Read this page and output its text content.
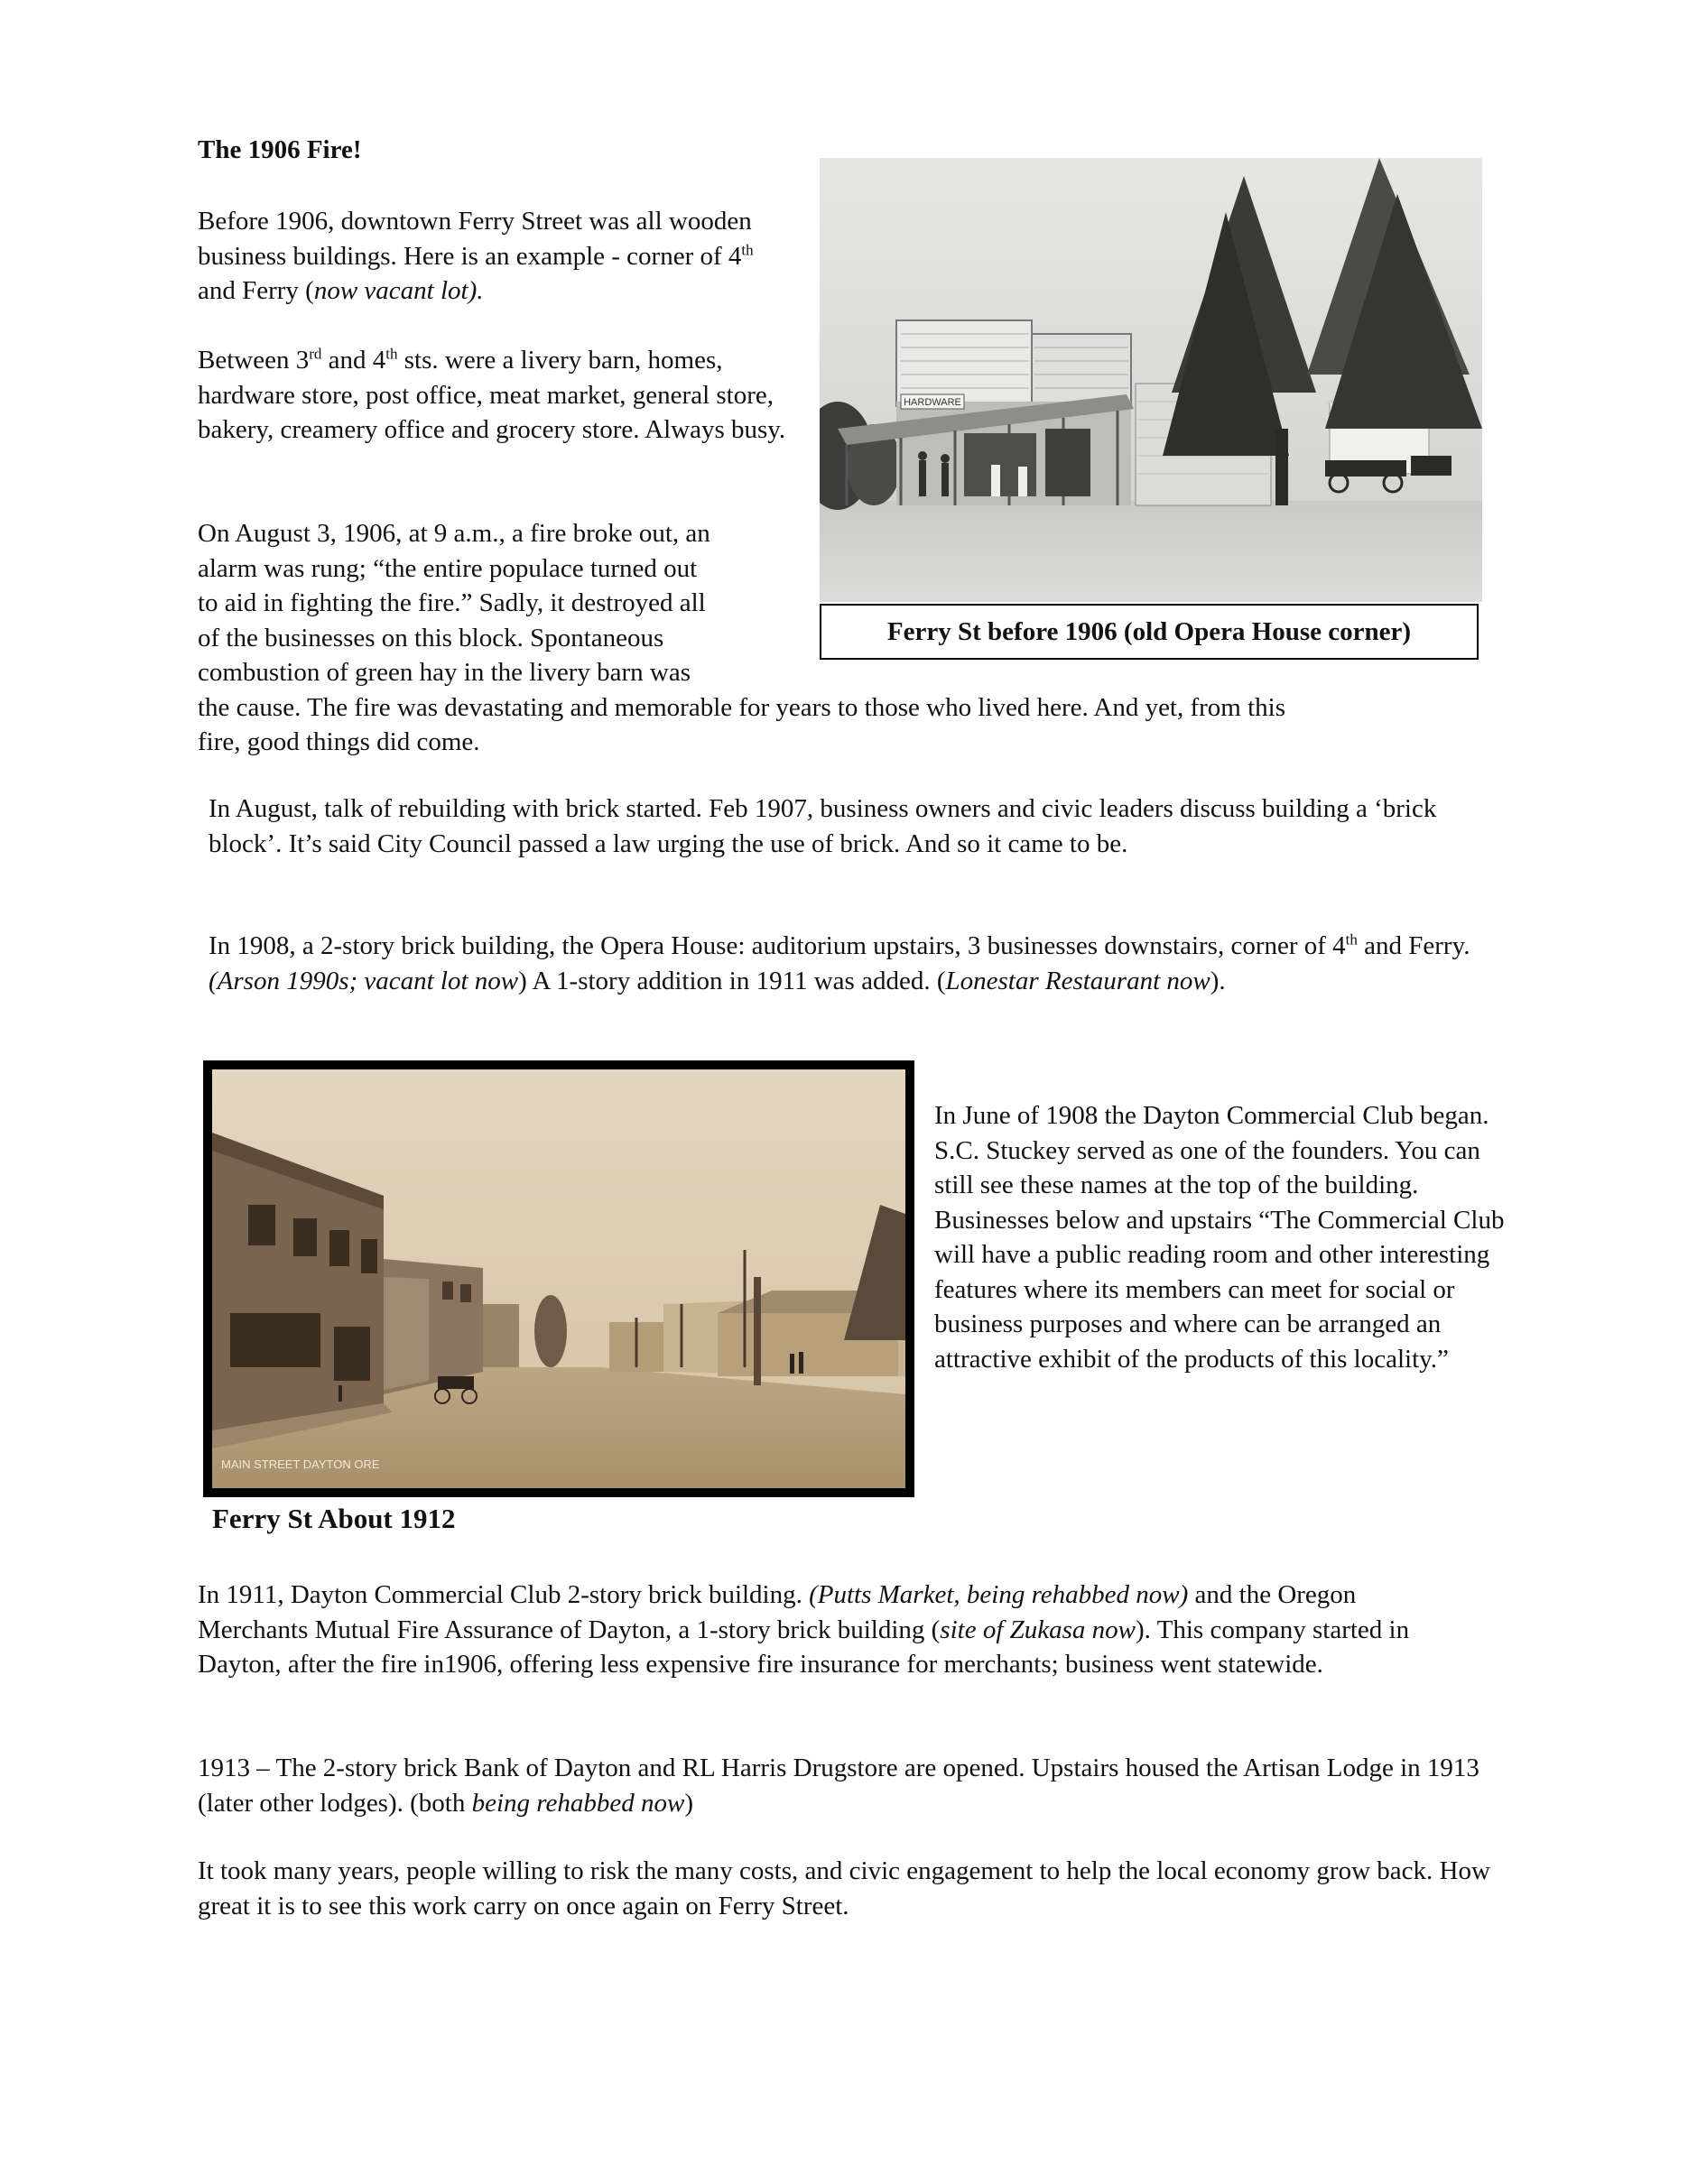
The 1906 Fire!
Before 1906, downtown Ferry Street was all wooden business buildings. Here is an example - corner of 4th and Ferry (now vacant lot).
Between 3rd and 4th sts. were a livery barn, homes, hardware store, post office, meat market, general store, bakery, creamery office and grocery store. Always busy.
On August 3, 1906, at 9 a.m., a fire broke out, an
alarm was rung; “the entire populace turned out
to aid in fighting the fire.” Sadly, it destroyed all
of the businesses on this block. Spontaneous
combustion of green hay in the livery barn was
the cause. The fire was devastating and memorable for years to those who lived here. And yet, from this
fire, good things did come.
HARDWARE
Ferry St before 1906 (old Opera House corner)
In August, talk of rebuilding with brick started. Feb 1907, business owners and civic leaders discuss building a ‘brick block’. It’s said City Council passed a law urging the use of brick. And so it came to be.
In 1908, a 2-story brick building, the Opera House: auditorium upstairs, 3 businesses downstairs, corner of 4th and Ferry. (Arson 1990s; vacant lot now) A 1-story addition in 1911 was added. (Lonestar Restaurant now).
MAIN STREET DAYTON ORE
Ferry St About 1912
In June of 1908 the Dayton Commercial Club began. S.C. Stuckey served as one of the founders. You can still see these names at the top of the building. Businesses below and upstairs “The Commercial Club will have a public reading room and other interesting features where its members can meet for social or business purposes and where can be arranged an attractive exhibit of the products of this locality.”
In 1911, Dayton Commercial Club 2-story brick building. (Putts Market, being rehabbed now) and the Oregon Merchants Mutual Fire Assurance of Dayton, a 1-story brick building (site of Zukasa now). This company started in Dayton, after the fire in1906, offering less expensive fire insurance for merchants; business went statewide.
1913 – The 2-story brick Bank of Dayton and RL Harris Drugstore are opened. Upstairs housed the Artisan Lodge in 1913 (later other lodges). (both being rehabbed now)
It took many years, people willing to risk the many costs, and civic engagement to help the local economy grow back. How great it is to see this work carry on once again on Ferry Street.
